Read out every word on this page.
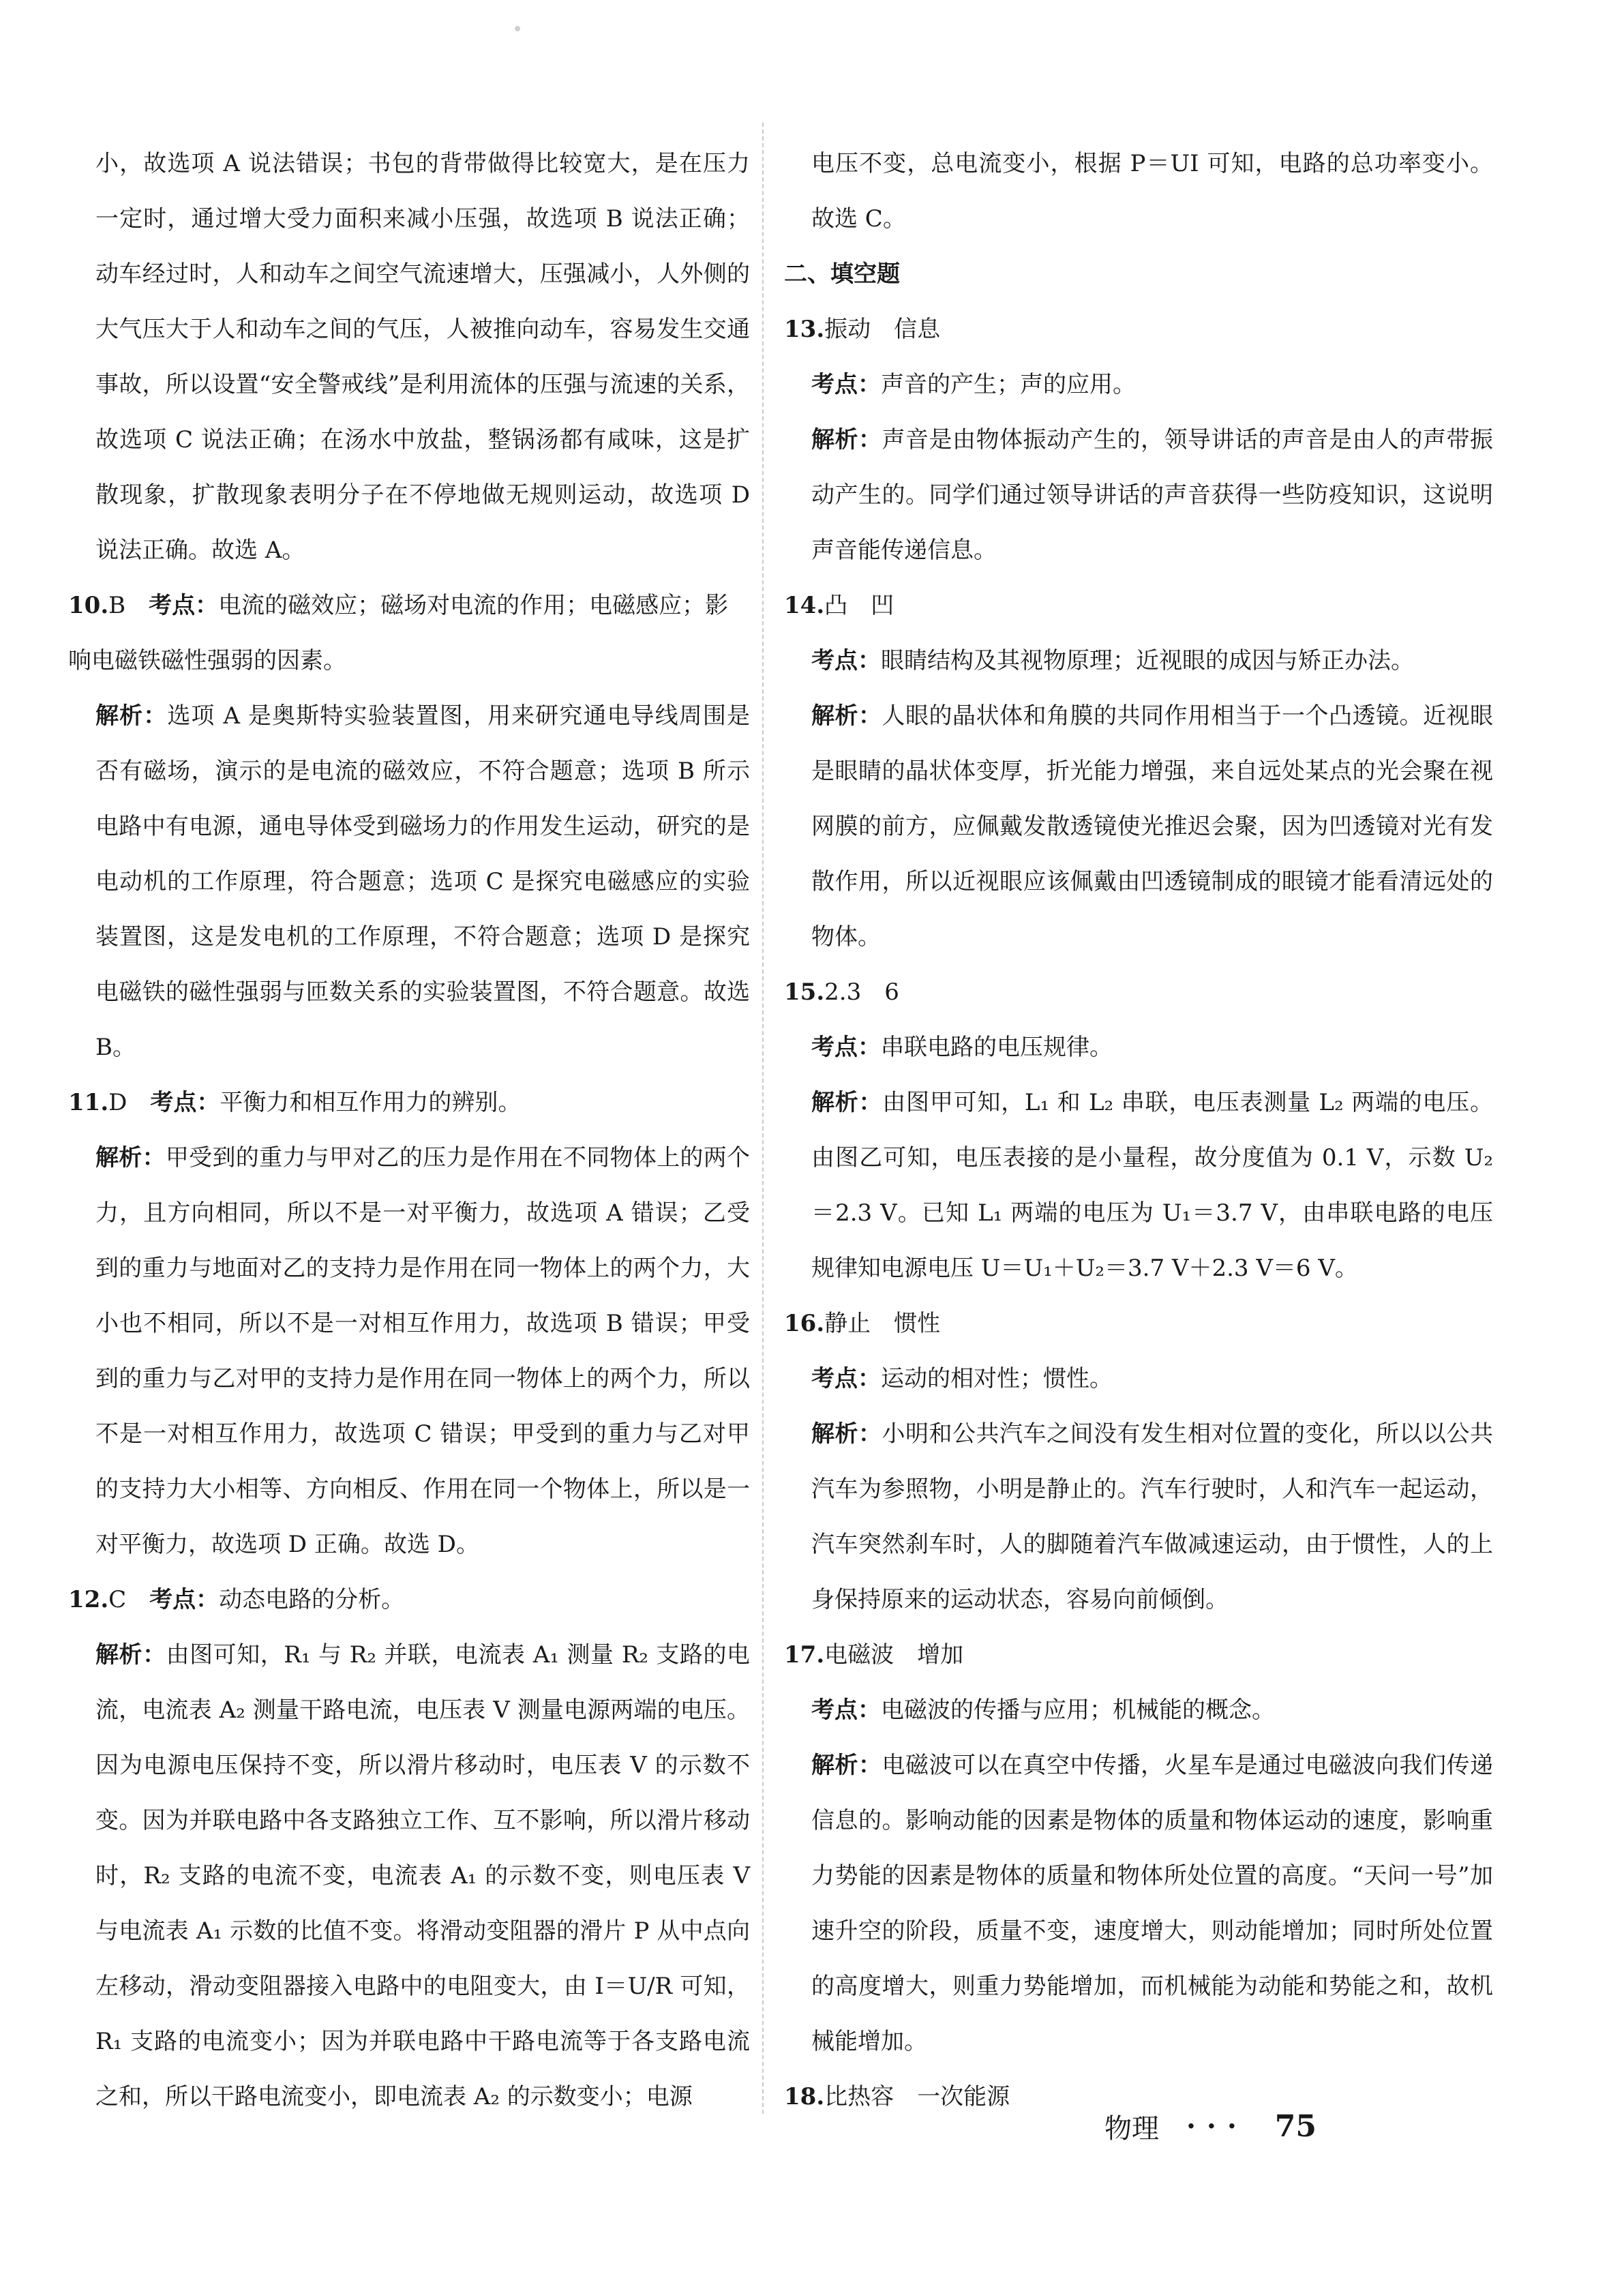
小，故选项 A 说法错误；书包的背带做得比较宽大，是在压力一定时，通过增大受力面积来减小压强，故选项 B 说法正确；动车经过时，人和动车之间空气流速增大，压强减小，人外侧的大气压大于人和动车之间的气压，人被推向动车，容易发生交通事故，所以设置“安全警戒线”是利用流体的压强与流速的关系，故选项 C 说法正确；在汤水中放盐，整锅汤都有咸味，这是扩散现象，扩散现象表明分子在不停地做无规则运动，故选项 D 说法正确。故选 A。

10.B　 考点：电流的磁效应；磁场对电流的作用；电磁感应；影响电磁铁磁性强弱的因素。

解析：选项 A 是奥斯特实验装置图，用来研究通电导线周围是否有磁场，演示的是电流的磁效应，不符合题意；选项 B 所示电路中有电源，通电导体受到磁场力的作用发生运动，研究的是电动机的工作原理，符合题意；选项 C 是探究电磁感应的实验装置图，这是发电机的工作原理，不符合题意；选项 D 是探究电磁铁的磁性强弱与匝数关系的实验装置图，不符合题意。故选 B。

11.D　 考点：平衡力和相互作用力的辨别。

解析：甲受到的重力与甲对乙的压力是作用在不同物体上的两个力，且方向相同，所以不是一对平衡力，故选项 A 错误；乙受到的重力与地面对乙的支持力是作用在同一物体上的两个力，大小也不相同，所以不是一对相互作用力，故选项 B 错误；甲受到的重力与乙对甲的支持力是作用在同一物体上的两个力，所以不是一对相互作用力，故选项 C 错误；甲受到的重力与乙对甲的支持力大小相等、方向相反、作用在同一个物体上，所以是一对平衡力，故选项 D 正确。故选 D。

12.C　 考点：动态电路的分析。

解析：由图可知，R₁ 与 R₂ 并联，电流表 A₁ 测量 R₂ 支路的电流，电流表 A₂ 测量干路电流，电压表 V 测量电源两端的电压。因为电源电压保持不变，所以滑片移动时，电压表 V 的示数不变。因为并联电路中各支路独立工作、互不影响，所以滑片移动时，R₂ 支路的电流不变，电流表 A₁ 的示数不变，则电压表 V 与电流表 A₁ 示数的比值不变。将滑动变阻器的滑片 P 从中点向左移动，滑动变阻器接入电路中的电阻变大，由 I＝U/R 可知，R₁ 支路的电流变小；因为并联电路中干路电流等于各支路电流之和，所以干路电流变小，即电流表 A₂ 的示数变小；电源

电压不变，总电流变小，根据 P＝UI 可知，电路的总功率变小。故选 C。

二、填空题

13.振动　信息

考点：声音的产生；声的应用。

解析：声音是由物体振动产生的，领导讲话的声音是由人的声带振动产生的。同学们通过领导讲话的声音获得一些防疫知识，这说明声音能传递信息。

14.凸　凹

考点：眼睛结构及其视物原理；近视眼的成因与矫正办法。

解析：人眼的晶状体和角膜的共同作用相当于一个凸透镜。近视眼是眼睛的晶状体变厚，折光能力增强，来自远处某点的光会聚在视网膜的前方，应佩戴发散透镜使光推迟会聚，因为凹透镜对光有发散作用，所以近视眼应该佩戴由凹透镜制成的眼镜才能看清远处的物体。

15.2.3　6

考点：串联电路的电压规律。

解析：由图甲可知，L₁ 和 L₂ 串联，电压表测量 L₂ 两端的电压。由图乙可知，电压表接的是小量程，故分度值为 0.1 V，示数 U₂＝2.3 V。已知 L₁ 两端的电压为 U₁＝3.7 V，由串联电路的电压规律知电源电压 U＝U₁＋U₂＝3.7 V＋2.3 V＝6 V。

16.静止　惯性

考点：运动的相对性；惯性。

解析：小明和公共汽车之间没有发生相对位置的变化，所以以公共汽车为参照物，小明是静止的。汽车行驶时，人和汽车一起运动，汽车突然刹车时，人的脚随着汽车做减速运动，由于惯性，人的上身保持原来的运动状态，容易向前倾倒。

17.电磁波　增加

考点：电磁波的传播与应用；机械能的概念。

解析：电磁波可以在真空中传播，火星车是通过电磁波向我们传递信息的。影响动能的因素是物体的质量和物体运动的速度，影响重力势能的因素是物体的质量和物体所处位置的高度。“天问一号”加速升空的阶段，质量不变，速度增大，则动能增加；同时所处位置的高度增大，则重力势能增加，而机械能为动能和势能之和，故机械能增加。

18.比热容　一次能源

物理 ··· 75
